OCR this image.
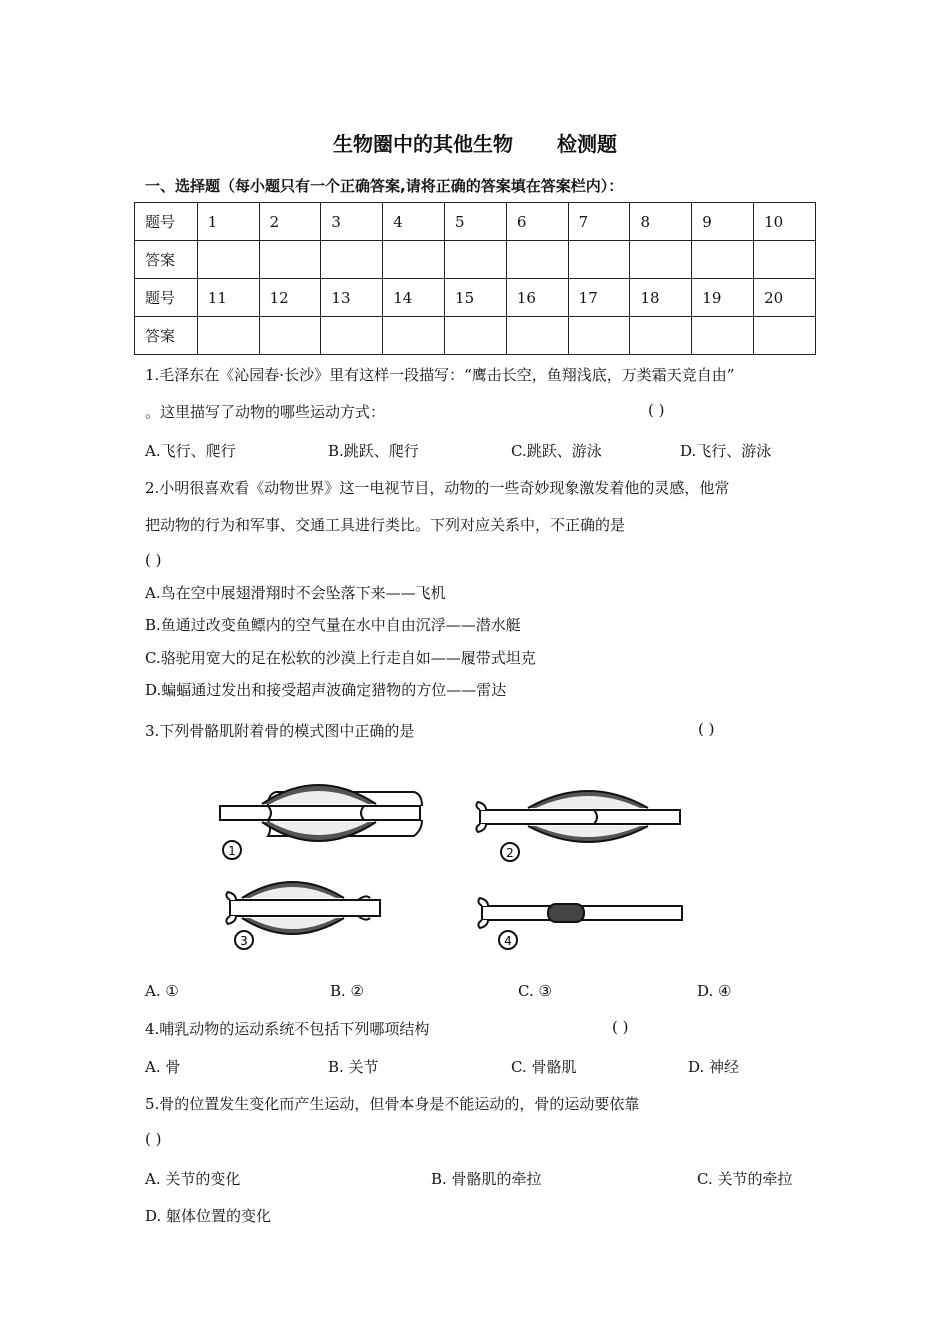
生物圈中的其他生物 检测题
一、选择题（每小题只有一个正确答案,请将正确的答案填在答案栏内）：
题号	1	2	3	4	5	6	7	8	9	10
答案										
题号	11	12	13	14	15	16	17	18	19	20
答案										
1.毛泽东在《沁园春·长沙》里有这样一段描写：“鹰击长空，鱼翔浅底，万类霜天竞自由”
。这里描写了动物的哪些运动方式：	( )
A.飞行、爬行	B.跳跃、爬行	C.跳跃、游泳	D.飞行、游泳
2.小明很喜欢看《动物世界》这一电视节目，动物的一些奇妙现象激发着他的灵感，他常
把动物的行为和军事、交通工具进行类比。下列对应关系中，不正确的是
( )
A.鸟在空中展翅滑翔时不会坠落下来——飞机
B.鱼通过改变鱼鳔内的空气量在水中自由沉浮——潜水艇
C.骆驼用宽大的足在松软的沙漠上行走自如——履带式坦克
D.蝙蝠通过发出和接受超声波确定猎物的方位——雷达
3.下列骨骼肌附着骨的模式图中正确的是	( )
1	2
3	4
A. ①	B. ②	C. ③	D. ④
4.哺乳动物的运动系统不包括下列哪项结构	( )
A. 骨	B. 关节	C. 骨骼肌	D. 神经
5.骨的位置发生变化而产生运动，但骨本身是不能运动的，骨的运动要依靠
( )
A. 关节的变化	B. 骨骼肌的牵拉	C. 关节的牵拉
D. 躯体位置的变化
